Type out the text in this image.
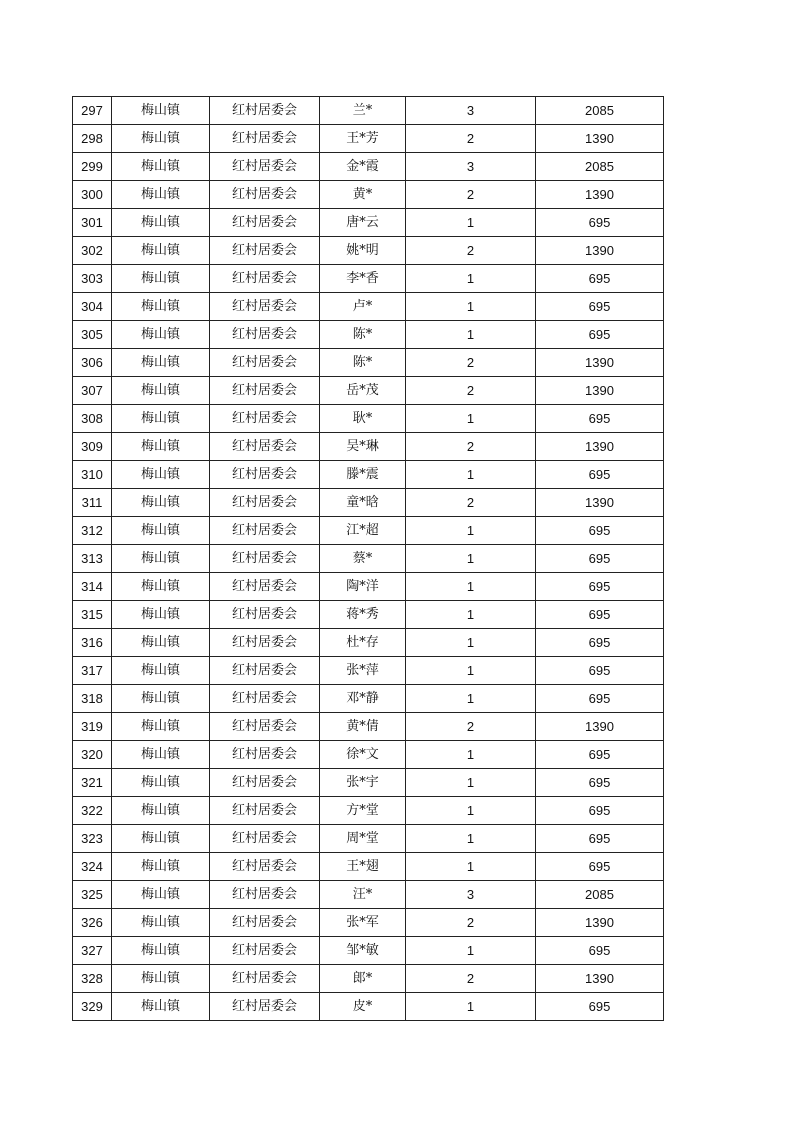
297	梅山镇	红村居委会	兰*	3	2085
298	梅山镇	红村居委会	王*芳	2	1390
299	梅山镇	红村居委会	金*霞	3	2085
300	梅山镇	红村居委会	黄*	2	1390
301	梅山镇	红村居委会	唐*云	1	695
302	梅山镇	红村居委会	姚*明	2	1390
303	梅山镇	红村居委会	李*香	1	695
304	梅山镇	红村居委会	卢*	1	695
305	梅山镇	红村居委会	陈*	1	695
306	梅山镇	红村居委会	陈*	2	1390
307	梅山镇	红村居委会	岳*茂	2	1390
308	梅山镇	红村居委会	耿*	1	695
309	梅山镇	红村居委会	吴*琳	2	1390
310	梅山镇	红村居委会	滕*震	1	695
311	梅山镇	红村居委会	童*晗	2	1390
312	梅山镇	红村居委会	江*超	1	695
313	梅山镇	红村居委会	蔡*	1	695
314	梅山镇	红村居委会	陶*洋	1	695
315	梅山镇	红村居委会	蒋*秀	1	695
316	梅山镇	红村居委会	杜*存	1	695
317	梅山镇	红村居委会	张*萍	1	695
318	梅山镇	红村居委会	邓*静	1	695
319	梅山镇	红村居委会	黄*倩	2	1390
320	梅山镇	红村居委会	徐*文	1	695
321	梅山镇	红村居委会	张*宇	1	695
322	梅山镇	红村居委会	方*堂	1	695
323	梅山镇	红村居委会	周*堂	1	695
324	梅山镇	红村居委会	王*翅	1	695
325	梅山镇	红村居委会	汪*	3	2085
326	梅山镇	红村居委会	张*军	2	1390
327	梅山镇	红村居委会	邹*敏	1	695
328	梅山镇	红村居委会	郎*	2	1390
329	梅山镇	红村居委会	皮*	1	695
